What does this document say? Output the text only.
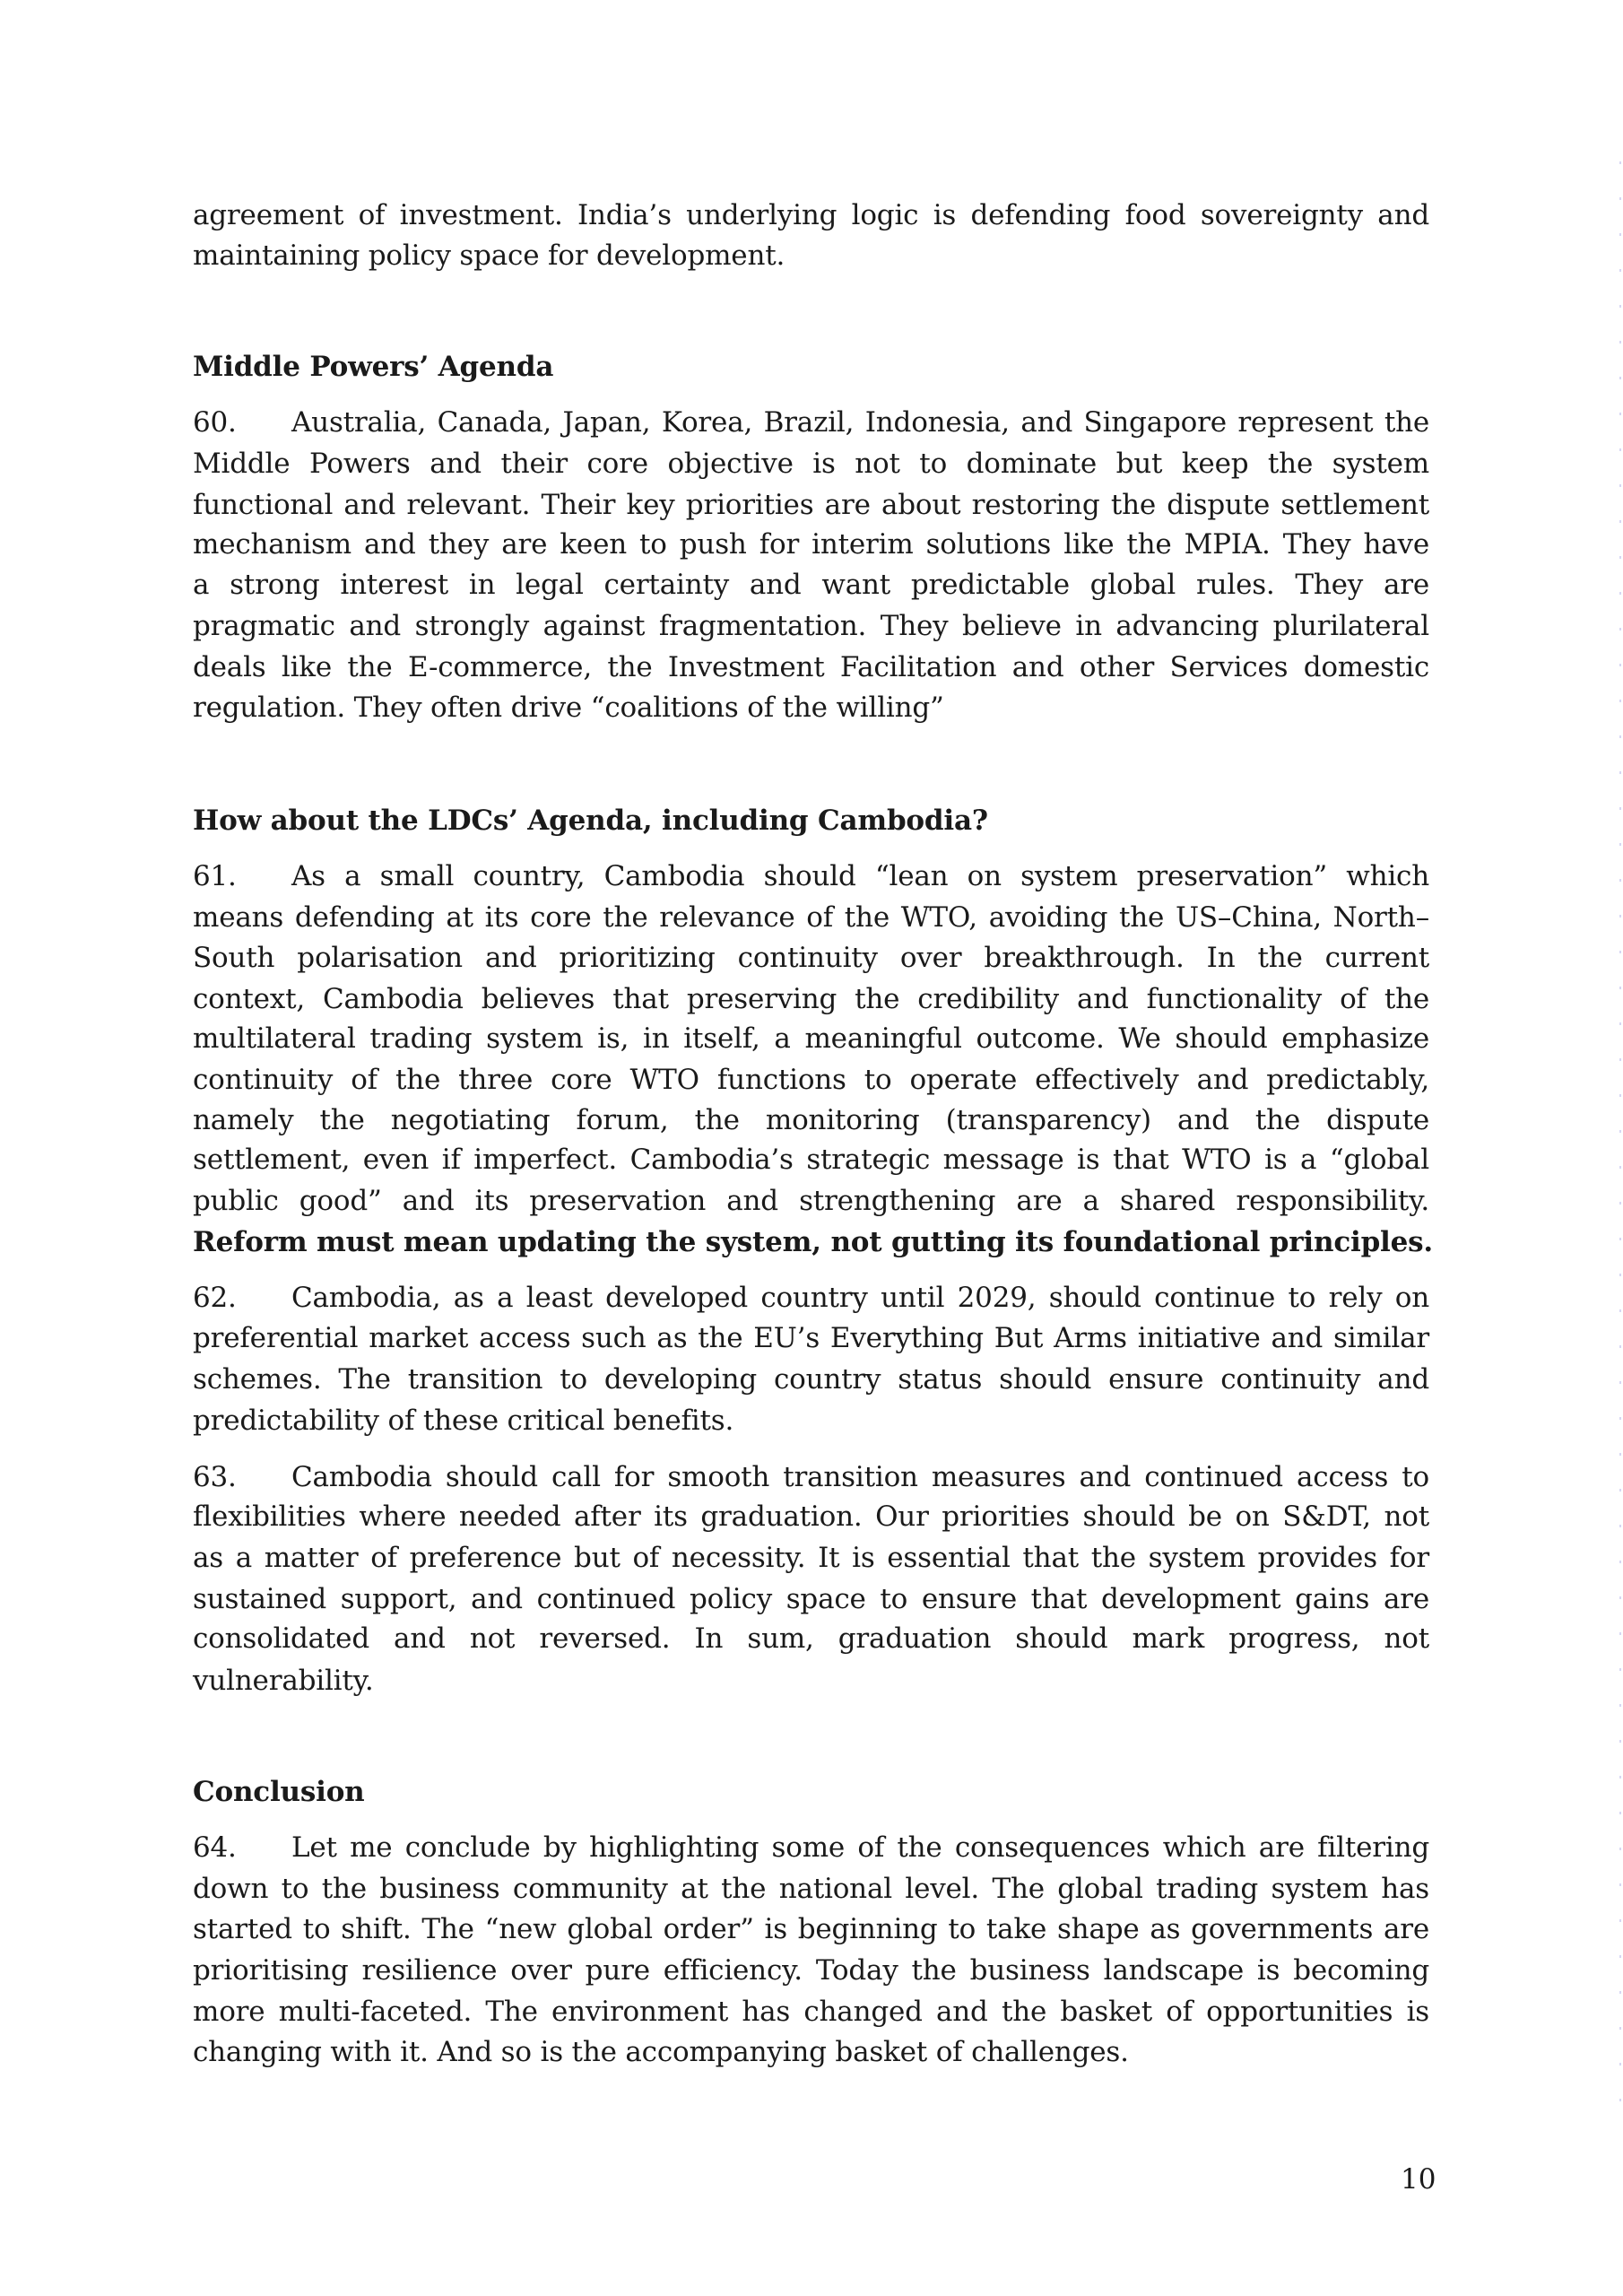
agreement of investment. India’s underlying logic is defending food sovereignty and
maintaining policy space for development.
Middle Powers’ Agenda
60. Australia, Canada, Japan, Korea, Brazil, Indonesia, and Singapore represent the
Middle Powers and their core objective is not to dominate but keep the system
functional and relevant. Their key priorities are about restoring the dispute settlement
mechanism and they are keen to push for interim solutions like the MPIA. They have
a strong interest in legal certainty and want predictable global rules. They are
pragmatic and strongly against fragmentation. They believe in advancing plurilateral
deals like the E-commerce, the Investment Facilitation and other Services domestic
regulation. They often drive “coalitions of the willing”
How about the LDCs’ Agenda, including Cambodia?
61. As a small country, Cambodia should “lean on system preservation” which
means defending at its core the relevance of the WTO, avoiding the US–China, North–
South polarisation and prioritizing continuity over breakthrough. In the current
context, Cambodia believes that preserving the credibility and functionality of the
multilateral trading system is, in itself, a meaningful outcome. We should emphasize
continuity of the three core WTO functions to operate effectively and predictably,
namely the negotiating forum, the monitoring (transparency) and the dispute
settlement, even if imperfect. Cambodia’s strategic message is that WTO is a “global
public good” and its preservation and strengthening are a shared responsibility.
Reform must mean updating the system, not gutting its foundational principles.
62. Cambodia, as a least developed country until 2029, should continue to rely on
preferential market access such as the EU’s Everything But Arms initiative and similar
schemes. The transition to developing country status should ensure continuity and
predictability of these critical benefits.
63. Cambodia should call for smooth transition measures and continued access to
flexibilities where needed after its graduation. Our priorities should be on S&DT, not
as a matter of preference but of necessity. It is essential that the system provides for
sustained support, and continued policy space to ensure that development gains are
consolidated and not reversed. In sum, graduation should mark progress, not
vulnerability.
Conclusion
64. Let me conclude by highlighting some of the consequences which are filtering
down to the business community at the national level. The global trading system has
started to shift. The “new global order” is beginning to take shape as governments are
prioritising resilience over pure efficiency. Today the business landscape is becoming
more multi-faceted. The environment has changed and the basket of opportunities is
changing with it. And so is the accompanying basket of challenges.
10
